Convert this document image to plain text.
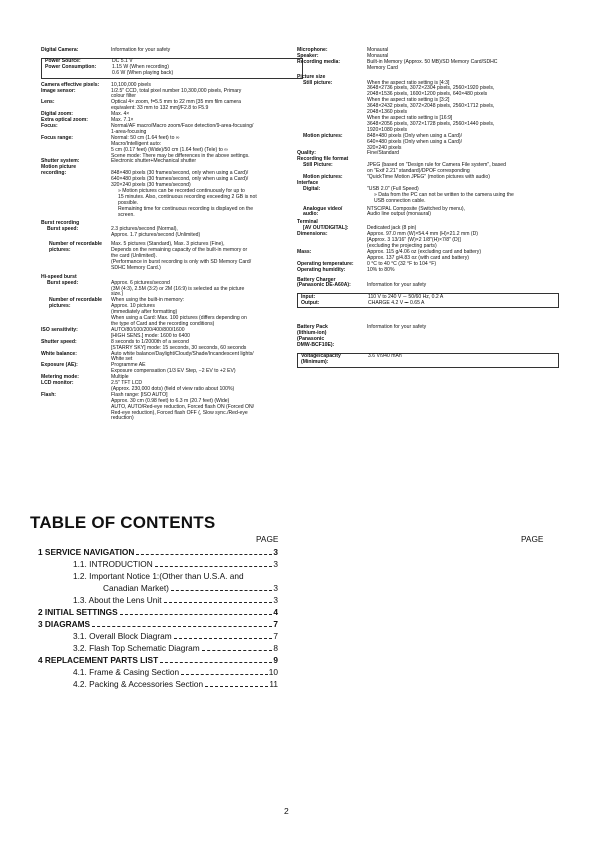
Digital Camera:	Information for your safety
Power Source:	DC 5.1 V
Power Consumption:	1.15 W (When recording)
0.6 W (When playing back)
Camera effective pixels:	10,100,000 pixels
Image sensor:	1/2.5" CCD, total pixel number 10,300,000 pixels, Primary
colour filter
Lens:	Optical 4× zoom, f=5.5 mm to 22 mm [35 mm film camera
equivalent: 33 mm to 132 mm]/F2.8 to F5.9
Digital zoom:	Max. 4×
Extra optical zoom:	Max. 7.1×
Focus:	Normal/AF macro/Macro zoom/Face detection/9-area-focusing/
1-area-focusing
Focus range:	Normal: 50 cm (1.64 feet) to ∞
Macro/Intelligent auto:
5 cm (0.17 feet) (Wide)/50 cm (1.64 feet) (Tele) to ∞
Scene mode: There may be differences in the above settings.
Shutter system:	Electronic shutter+Mechanical shutter
Motion picture
recording:	848×480 pixels (30 frames/second, only when using a Card)/
640×480 pixels (30 frames/second, only when using a Card)/
320×240 pixels (30 frames/second)
» Motion pictures can be recorded continuously for up to
15 minutes. Also, continuous recording exceeding 2 GB is not
possible.
Remaining time for continuous recording is displayed on the
screen.
Burst recording
Burst speed:	2.3 pictures/second (Normal),
Approx. 1.7 pictures/second (Unlimited)
Number of recordable
pictures:
Max. 5 pictures (Standard), Max. 3 pictures (Fine),
Depends on the remaining capacity of the built-in memory or
the card (Unlimited).
(Performance in burst recording is only with SD Memory Card/
SDHC Memory Card.)
Hi-speed burst
Burst speed:	Approx. 6 pictures/second
(3M (4:3), 2.5M (3:2) or 2M (16:9) is selected as the picture
size.)
Number of recordable
pictures:
When using the built-in memory:
Approx. 10 pictures
(immediately after formatting)
When using a Card: Max. 100 pictures (differs depending on
the type of Card and the recording conditions)
ISO sensitivity:	AUTO/80/100/200/400/800/1600
[HIGH SENS.] mode: 1600 to 6400
Shutter speed:	8 seconds to 1/2000th of a second
[STARRY SKY] mode: 15 seconds, 30 seconds, 60 seconds
White balance:	Auto white balance/Daylight/Cloudy/Shade/Incandescent lights/
White set
Exposure (AE):	Programme AE
Exposure compensation (1/3 EV Step, −2 EV to +2 EV)
Metering mode:	Multiple
LCD monitor:	2.5" TFT LCD
(Approx. 230,000 dots) (field of view ratio about 100%)
Flash:	Flash range: [ISO AUTO]
Approx. 30 cm (0.98 feet) to 6.3 m (20.7 feet) (Wide)
AUTO, AUTO/Red-eye reduction, Forced flash ON (Forced ON/
Red-eye reduction), Forced flash OFF (, Slow sync./Red-eye
reduction)
Microphone:	Monaural
Speaker:	Monaural
Recording media:	Built-in Memory (Approx. 50 MB)/SD Memory Card/SDHC
Memory Card
Picture size
Still picture:	When the aspect ratio setting is [4:3]
3648×2736 pixels, 3072×2304 pixels, 2560×1920 pixels,
2048×1536 pixels, 1600×1200 pixels, 640×480 pixels
When the aspect ratio setting is [3:2]
3648×2432 pixels, 3072×2048 pixels, 2560×1712 pixels,
2048×1360 pixels
When the aspect ratio setting is [16:9]
3648×2056 pixels, 3072×1728 pixels, 2560×1440 pixels,
1920×1080 pixels
Motion pictures:	848×480 pixels (Only when using a Card)/
640×480 pixels (Only when using a Card)/
320×240 pixels
Quality:	Fine/Standard
Recording file format
Still Picture:	JPEG (based on "Design rule for Camera File system", based
on "Exif 2.21" standard)/DPOF corresponding
Motion pictures:	"QuickTime Motion JPEG" (motion pictures with audio)
Interface
Digital:	"USB 2.0" (Full Speed)
» Data from the PC can not be written to the camera using the
USB connection cable.
Analogue video/
audio:
NTSC/PAL Composite (Switched by menu),
Audio line output (monaural)
Terminal
[AV OUT/DIGITAL]:	Dedicated jack (8 pin)
Dimensions:	Approx. 97.0 mm (W)×54.4 mm (H)×21.2 mm (D)
[Approx. 3 13/16" (W)×2 1/8"(H)×7/8" (D)]
(excluding the projecting parts)
Mass:	Approx. 115 g/4.06 oz (excluding card and battery)
Approx. 137 g/4.83 oz (with card and battery)
Operating temperature:	0 °C to 40 °C (32 °F to 104 °F)
Operating humidity:	10% to 80%
Battery Charger
(Panasonic DE-A60A):	Information for your safety
Input:	110 V to 240 V ∼ 50/60 Hz, 0.2 A
Output:	CHARGE 4.2 V ⎓ 0.65 A
Battery Pack
(lithium-ion)
(Panasonic
DMW-BCF10E):
Information for your safety
Voltage/capacity
(Minimum):
3.6 V/940 mAh
TABLE OF CONTENTS
PAGE	PAGE
1 SERVICE NAVIGATION	3
1.1. INTRODUCTION	3
1.2. Important Notice 1:(Other than U.S.A. and
Canadian Market)	3
1.3. About the Lens Unit	3
2 INITIAL SETTINGS	4
3 DIAGRAMS	7
3.1. Overall Block Diagram	7
3.2. Flash Top Schematic Diagram	8
4 REPLACEMENT PARTS LIST	9
4.1. Frame & Casing Section	10
4.2. Packing & Accessories Section	11
2
